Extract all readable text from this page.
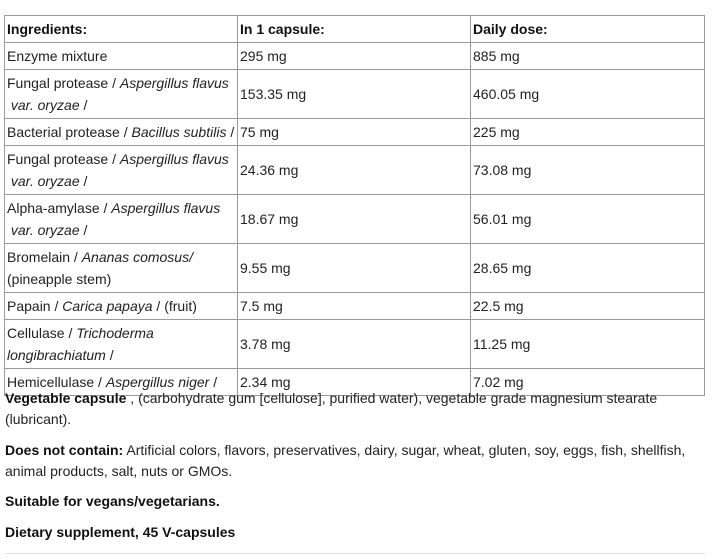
Ingredients:	In 1 capsule:	Daily dose:
Enzyme mixture	295 mg	885 mg
Fungal protease / Aspergillus flavus
var. oryzae /	153.35 mg	460.05 mg
Bacterial protease / Bacillus subtilis /	75 mg	225 mg
Fungal protease / Aspergillus flavus
var. oryzae /	24.36 mg	73.08 mg
Alpha-amylase / Aspergillus flavus
var. oryzae /	18.67 mg	56.01 mg
Bromelain / Ananas comosus/
(pineapple stem)	9.55 mg	28.65 mg
Papain / Carica papaya / (fruit)	7.5 mg	22.5 mg
Cellulase / Trichoderma
longibrachiatum /	3.78 mg	11.25 mg
Hemicellulase / Aspergillus niger /	2.34 mg	7.02 mg

Vegetable capsule , (carbohydrate gum [cellulose], purified water), vegetable grade magnesium stearate (lubricant).

Does not contain: Artificial colors, flavors, preservatives, dairy, sugar, wheat, gluten, soy, eggs, fish, shellfish, animal products, salt, nuts or GMOs.

Suitable for vegans/vegetarians.

Dietary supplement, 45 V-capsules
